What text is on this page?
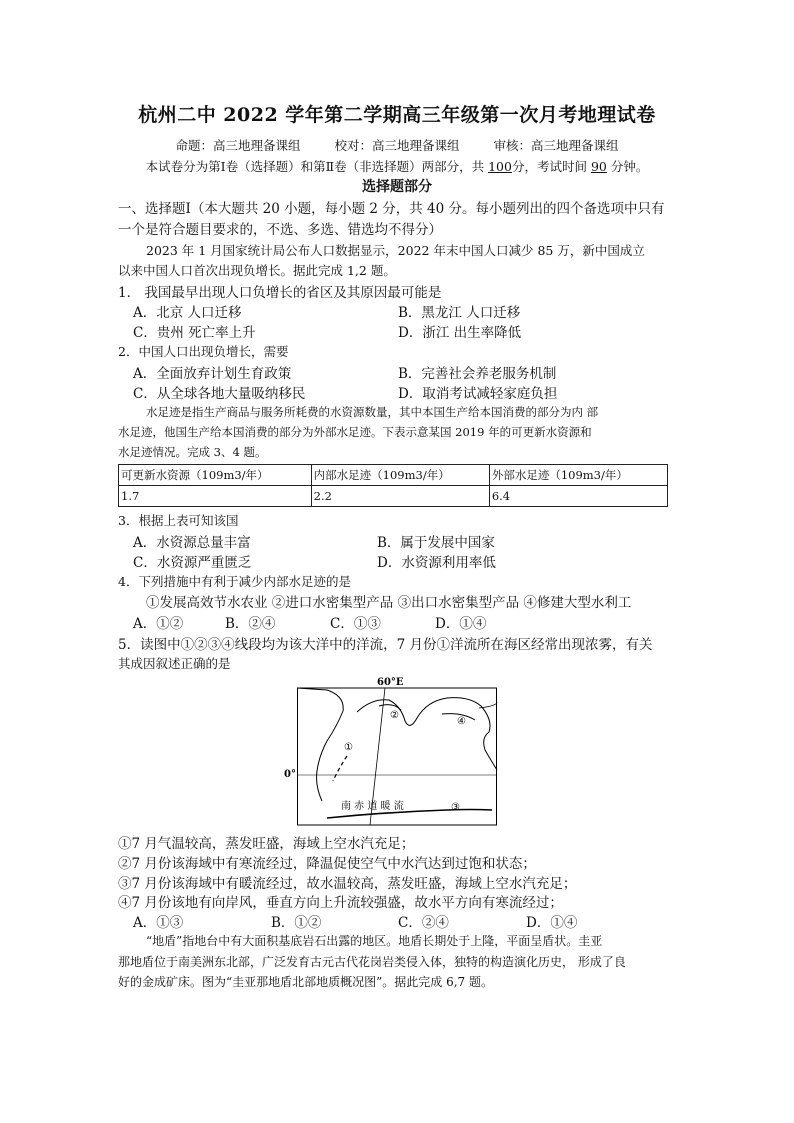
杭州二中 2022 学年第二学期高三年级第一次月考地理试卷
命题：高三地理备课组	校对：高三地理备课组	审核：高三地理备课组
本试卷分为第Ⅰ卷（选择题）和第Ⅱ卷（非选择题）两部分，共 100分，考试时间 90 分钟。
选择题部分
一、选择题Ⅰ（本大题共 20 小题，每小题 2 分，共 40 分。每小题列出的四个备选项中只有
一个是符合题目要求的，不选、多选、错选均不得分）
2023 年 1 月国家统计局公布人口数据显示，2022 年末中国人口减少 85 万，新中国成立
以来中国人口首次出现负增长。据此完成 1,2 题。
1． 我国最早出现人口负增长的省区及其原因最可能是
A．北京 人口迁移	B．黑龙江 人口迁移
C．贵州 死亡率上升	D．浙江 出生率降低
2．中国人口出现负增长，需要
A．全面放弃计划生育政策	B．完善社会养老服务机制
C．从全球各地大量吸纳移民	D．取消考试减轻家庭负担
水足迹是指生产商品与服务所耗费的水资源数量，其中本国生产给本国消费的部分为内 部
水足迹，他国生产给本国消费的部分为外部水足迹。下表示意某国 2019 年的可更新水资源和
水足迹情况。完成 3、4 题。
可更新水资源（109m3/年）	内部水足迹（109m3/年）	外部水足迹（109m3/年）
1.7	2.2	6.4
3．根据上表可知该国
A．水资源总量丰富	B．属于发展中国家
C．水资源严重匮乏	D．水资源利用率低
4．下列措施中有利于减少内部水足迹的是
①发展高效节水农业 ②进口水密集型产品 ③出口水密集型产品 ④修建大型水利工
A．①②	B．②④	C．①③	D．①④
5．读图中①②③④线段均为该大洋中的洋流，7 月份①洋流所在海区经常出现浓雾，有关
其成因叙述正确的是
60°E
0°
南 赤 道 暖 流
①
②
③
④
①7 月气温较高，蒸发旺盛，海域上空水汽充足；
②7 月份该海域中有寒流经过，降温促使空气中水汽达到过饱和状态；
③7 月份该海域中有暖流经过，故水温较高，蒸发旺盛，海域上空水汽充足；
④7 月份该地有向岸风，垂直方向上升流较强盛，故水平方向有寒流经过；
A．①③	B．①②	C．②④	D．①④
“地盾”指地台中有大面积基底岩石出露的地区。地盾长期处于上隆，平面呈盾状。圭亚
那地盾位于南美洲东北部，广泛发育古元古代花岗岩类侵入体，独特的构造演化历史， 形成了良
好的金成矿床。图为“圭亚那地盾北部地质概况图”。据此完成 6,7 题。
